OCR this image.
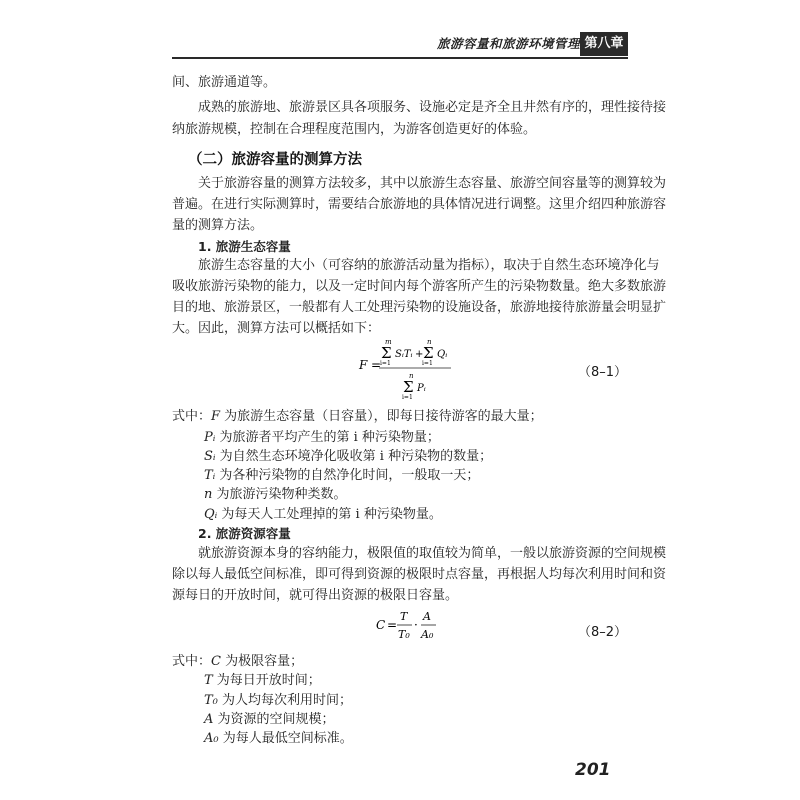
旅游容量和旅游环境管理 第八章
间、旅游通道等。
成熟的旅游地、旅游景区具各项服务、设施必定是齐全且井然有序的，理性接待接
纳旅游规模，控制在合理程度范围内，为游客创造更好的体验。
（二）旅游容量的测算方法
关于旅游容量的测算方法较多，其中以旅游生态容量、旅游空间容量等的测算较为
普遍。在进行实际测算时，需要结合旅游地的具体情况进行调整。这里介绍四种旅游容
量的测算方法。
1. 旅游生态容量
旅游生态容量的大小（可容纳的旅游活动量为指标），取决于自然生态环境净化与
吸收旅游污染物的能力，以及一定时间内每个游客所产生的污染物数量。绝大多数旅游
目的地、旅游景区，一般都有人工处理污染物的设施设备，旅游地接待旅游量会明显扩
大。因此，测算方法可以概括如下：
F =
m
Σ
i=1
SᵢTᵢ +
n
Σ
i=1
Qᵢ
n
Σ
i=1
Pᵢ
（8–1）
式中：F 为旅游生态容量（日容量），即每日接待游客的最大量；
Pᵢ 为旅游者平均产生的第 i 种污染物量；
Sᵢ 为自然生态环境净化吸收第 i 种污染物的数量；
Tᵢ 为各种污染物的自然净化时间，一般取一天；
n 为旅游污染物种类数。
Qᵢ 为每天人工处理掉的第 i 种污染物量。
2. 旅游资源容量
就旅游资源本身的容纳能力，极限值的取值较为简单，一般以旅游资源的空间规模
除以每人最低空间标准，即可得到资源的极限时点容量，再根据人均每次利用时间和资
源每日的开放时间，就可得出资源的极限日容量。
C =
T
T₀
·
A
A₀	（8–2）
式中：C 为极限容量；
T 为每日开放时间；
T₀ 为人均每次利用时间；
A 为资源的空间规模；
A₀ 为每人最低空间标准。
201
